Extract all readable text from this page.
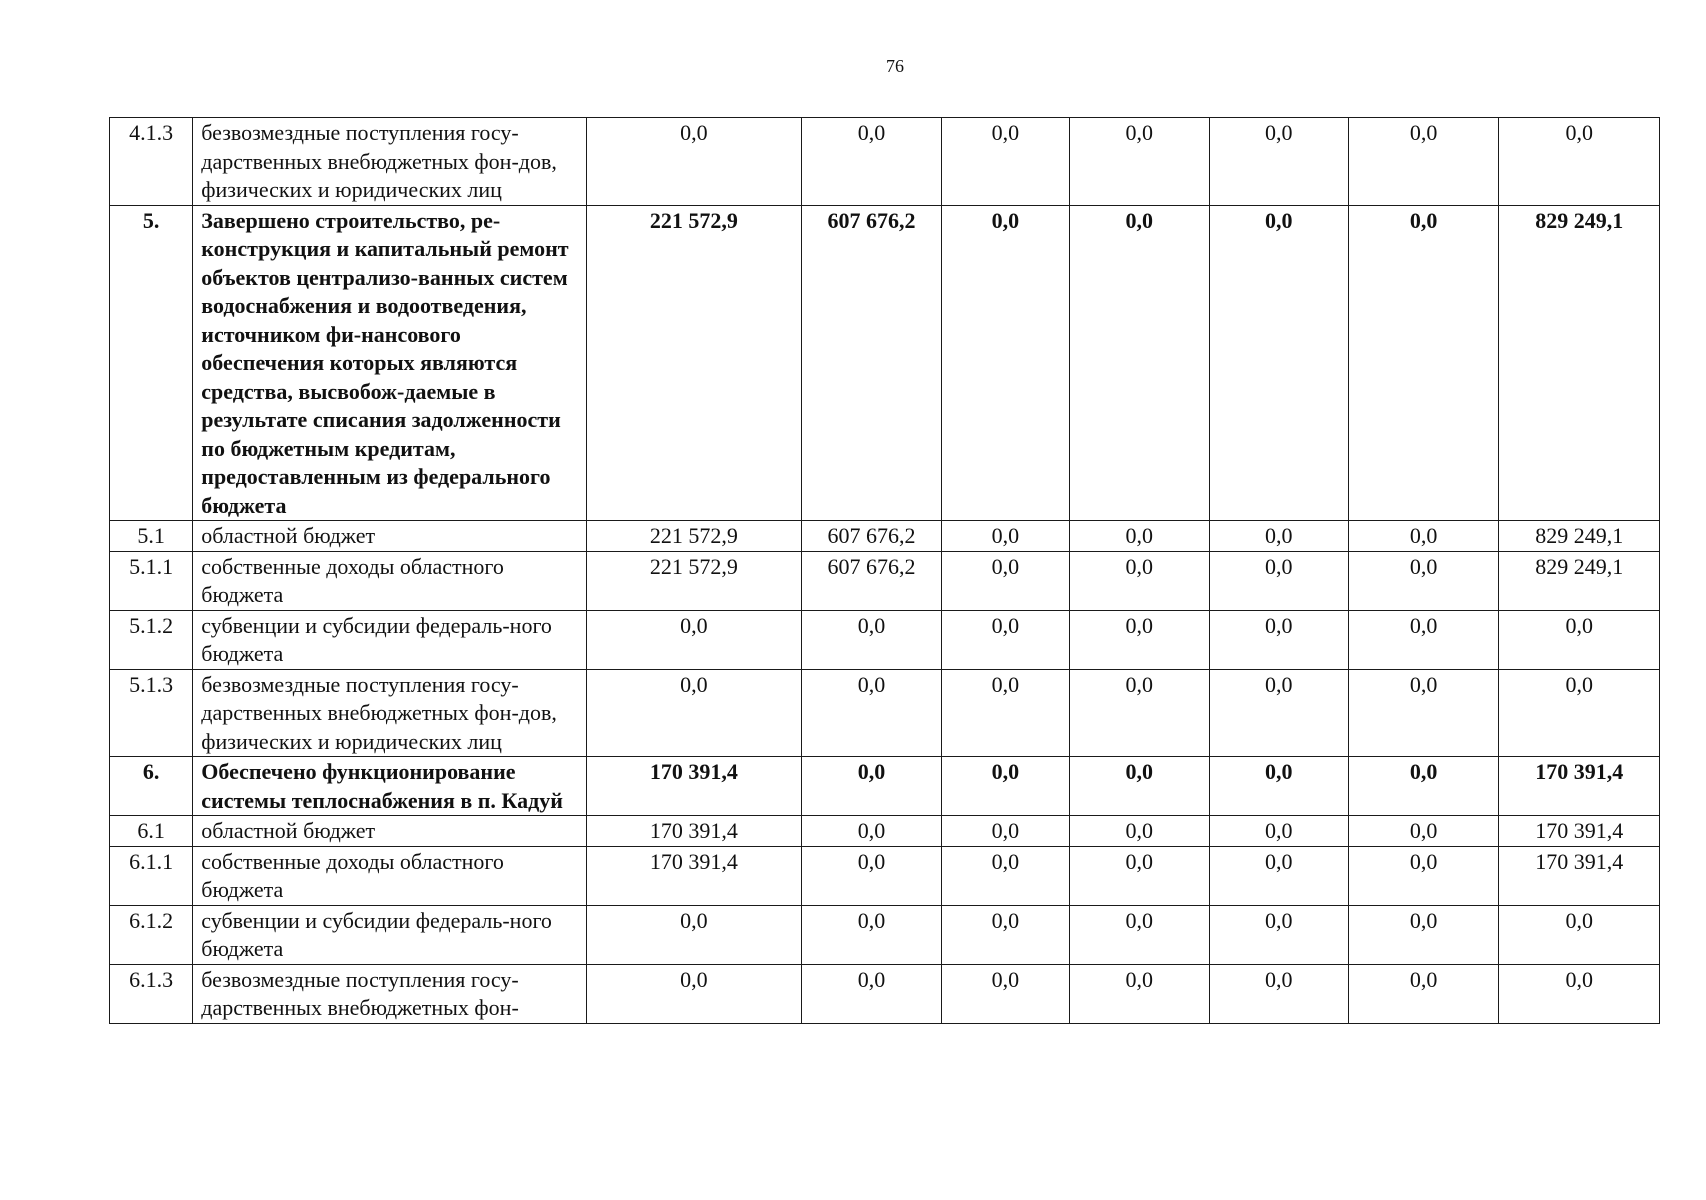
76
4.1.3	безвозмездные поступления госу-дарственных внебюджетных фон-дов, физических и юридических лиц	0,0	0,0	0,0	0,0	0,0	0,0	0,0
5.	Завершено строительство, ре-конструкция и капитальный ремонт объектов централизо-ванных систем водоснабжения и водоотведения, источником фи-нансового обеспечения которых являются средства, высвобож-даемые в результате списания задолженности по бюджетным кредитам, предоставленным из федерального бюджета	221 572,9	607 676,2	0,0	0,0	0,0	0,0	829 249,1
5.1	областной бюджет	221 572,9	607 676,2	0,0	0,0	0,0	0,0	829 249,1
5.1.1	собственные доходы областного бюджета	221 572,9	607 676,2	0,0	0,0	0,0	0,0	829 249,1
5.1.2	субвенции и субсидии федераль-ного бюджета	0,0	0,0	0,0	0,0	0,0	0,0	0,0
5.1.3	безвозмездные поступления госу-дарственных внебюджетных фон-дов, физических и юридических лиц	0,0	0,0	0,0	0,0	0,0	0,0	0,0
6.	Обеспечено функционирование системы теплоснабжения в п. Кадуй	170 391,4	0,0	0,0	0,0	0,0	0,0	170 391,4
6.1	областной бюджет	170 391,4	0,0	0,0	0,0	0,0	0,0	170 391,4
6.1.1	собственные доходы областного бюджета	170 391,4	0,0	0,0	0,0	0,0	0,0	170 391,4
6.1.2	субвенции и субсидии федераль-ного бюджета	0,0	0,0	0,0	0,0	0,0	0,0	0,0
6.1.3	безвозмездные поступления госу-дарственных внебюджетных фон-	0,0	0,0	0,0	0,0	0,0	0,0	0,0
